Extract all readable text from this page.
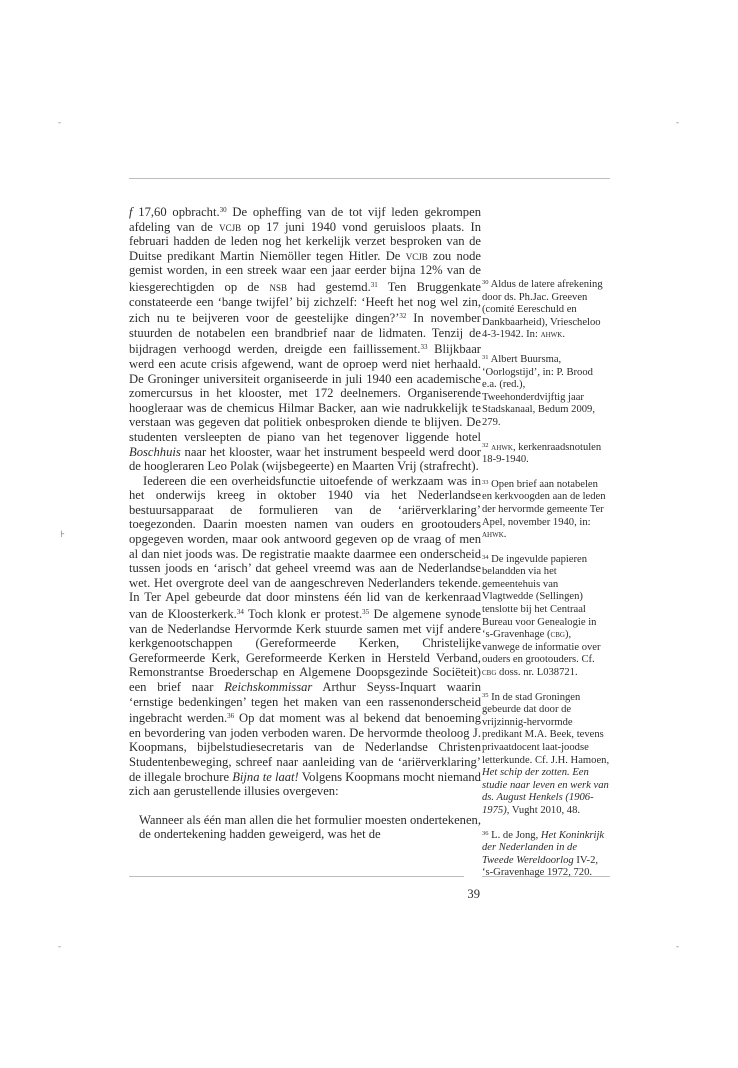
-	-
⊦
-	-

f 17,60 opbracht.$^{30}$ De opheffing van de tot vijf leden gekrompen afdeling van de vcjb op 17 juni 1940 vond geruisloos plaats. In februari hadden de leden nog het kerkelijk verzet besproken van de Duitse predikant Martin Niemöller tegen Hitler. De vcjb zou node gemist worden, in een streek waar een jaar eerder bijna 12% van de kiesgerechtigden op de nsb had gestemd.$^{31}$ Ten Bruggenkate constateerde een ‘bange twijfel’ bij zichzelf: ‘Heeft het nog wel zin, zich nu te beijveren voor de geestelijke dingen?’$^{32}$ In november stuurden de notabelen een brandbrief naar de lidmaten. Tenzij de bijdragen verhoogd werden, dreigde een faillissement.$^{33}$ Blijkbaar werd een acute crisis afgewend, want de oproep werd niet herhaald. De Groninger universiteit organiseerde in juli 1940 een academische zomercursus in het klooster, met 172 deelnemers. Organiserende hoogleraar was de chemicus Hilmar Backer, aan wie nadrukkelijk te verstaan was gegeven dat politiek onbesproken diende te blijven. De studenten versleepten de piano van het tegenover liggende hotel Boschhuis naar het klooster, waar het instrument bespeeld werd door de hoogleraren Leo Polak (wijsbegeerte) en Maarten Vrij (strafrecht).

Iedereen die een overheidsfunctie uitoefende of werkzaam was in het onderwijs kreeg in oktober 1940 via het Nederlandse bestuursapparaat de formulieren van de ‘ariërverklaring’ toegezonden. Daarin moesten namen van ouders en grootouders opgegeven worden, maar ook antwoord gegeven op de vraag of men al dan niet joods was. De registratie maakte daarmee een onderscheid tussen joods en ‘arisch’ dat geheel vreemd was aan de Nederlandse wet. Het overgrote deel van de aangeschreven Nederlanders tekende. In Ter Apel gebeurde dat door minstens één lid van de kerkenraad van de Kloosterkerk.$^{34}$ Toch klonk er protest.$^{35}$ De algemene synode van de Nederlandse Hervormde Kerk stuurde samen met vijf andere kerkgenootschappen (Gereformeerde Kerken, Christelijke Gereformeerde Kerk, Gereformeerde Kerken in Hersteld Verband, Remonstrantse Broederschap en Algemene Doopsgezinde Sociëteit) een brief naar Reichskommissar Arthur Seyss-Inquart waarin ‘ernstige bedenkingen’ tegen het maken van een rassenonderscheid ingebracht werden.$^{36}$ Op dat moment was al bekend dat benoeming en bevordering van joden verboden waren. De hervormde theoloog J. Koopmans, bijbelstudiesecretaris van de Nederlandse Christen Studentenbeweging, schreef naar aanleiding van de ‘ariërverklaring’ de illegale brochure Bijna te laat! Volgens Koopmans mocht niemand zich aan gerustellende illusies overgeven:

Wanneer als één man allen die het formulier moesten ondertekenen, de ondertekening hadden geweigerd, was het de

$^{30}$ Aldus de latere afrekening door ds. Ph.Jac. Greeven (comité Eereschuld en Dankbaarheid), Vriescheloo 4-3-1942. In: ahwk.
$^{31}$ Albert Buursma, ‘Oorlogstijd’, in: P. Brood e.a. (red.), Tweehonderdvijftig jaar Stadskanaal, Bedum 2009, 279.
$^{32}$ ahwk, kerkenraadsnotulen 18-9-1940.
$^{33}$ Open brief aan notabelen en kerkvoogden aan de leden der hervormde gemeente Ter Apel, november 1940, in: ahwk.
$^{34}$ De ingevulde papieren belandden via het gemeentehuis van Vlagtwedde (Sellingen) tenslotte bij het Centraal Bureau voor Genealogie in ‘s-Gravenhage (cbg), vanwege de informatie over ouders en grootouders. Cf. cbg doss. nr. L038721.
$^{35}$ In de stad Groningen gebeurde dat door de vrijzinnig-hervormde predikant M.A. Beek, tevens privaatdocent laat-joodse letterkunde. Cf. J.H. Hamoen, Het schip der zotten. Een studie naar leven en werk van ds. August Henkels (1906-1975), Vught 2010, 48.
$^{36}$ L. de Jong, Het Koninkrijk der Nederlanden in de Tweede Wereldoorlog IV-2, ‘s-Gravenhage 1972, 720.
39
